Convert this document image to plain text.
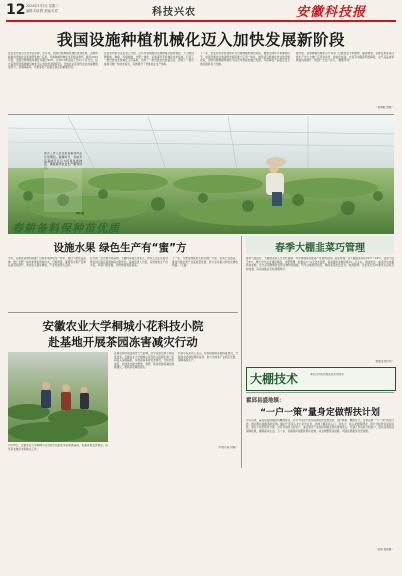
12 2024年3月5日 星期二
编辑:刘卉辉 美编:孔将	科技兴农	安徽科技报
我国设施种植机械化迈入加快发展新阶段
农业农村部近日发布消息称，近年来，我国设施种植机械化快速发展，各地积极推进设施农业装备研发推广应用，设施种植机械化水平稳步提升。截至2023年底，全国设施种植机械化率超过45%，比2018年提高了约12个百分点，标志着我国设施种植机械化迈入加快发展新阶段。设施农业是现代农业的重要组成部分，是保障蔬菜、水果等农产品稳定供应的重要手段。
农业农村部有关负责人介绍，近年来各地围绕设施种植全程机械化，大力推进耕整地、种植、环境调控、水肥一体化、采收等环节机械化技术集成，打造了一批设施农业机械化示范基地，培育了一批设施农机装备企业，形成了一批可复制可推广的技术模式，有效提升了设施农业生产效率。
下一步，农业农村部将加快补齐设施种植机械化短板，聚焦关键环节和薄弱环节，加强设施农业装备研发制造推广应用一体化，推动适宜机械化作业的设施改造，加快设施种植机械化与信息化智能化融合发展，为保障农产品稳定安全供给提供有力支撑。
据介绍，设施种植机械化有力带动了设施农业节本增效、提质增收，各地在果菜茶设施生产中大力推广应用自动化、智能化装备，农民劳动强度明显降低，农产品品质和效益持续提升，得到广大农户认可。（据新华社）
（刘国艳 整理）
图为工作人员在检查番茄幼苗长势情况。春耕时节，各地育苗基地开足马力培育优质种苗，确保春季农业生产顺利进行。
刘林 摄
春耕备料保种苗优质
设施水果 绿色生产有“蜜”方
今年，安徽省某地积极推广设施水果绿色生产技术，通过引进优良品种、推广水肥一体化和绿色防控技术，设施草莓、葡萄等水果产量和品质双双提升，果农收入稳步增加，产业发展势头良好。
在当地一处设施水果基地，大棚内草莓长势喜人，技术人员正在指导果农进行疏花疏果和病虫害防治。基地负责人介绍，采用绿色生产技术后，草莓口感更甜，亩均效益明显提高。
下一步，当地将继续加大技术推广力度，完善产业链条，推动设施水果产业高质量发展，助力乡村振兴和农民增收致富。（王磊）
安徽农业大学桐城小花科技小院
赴基地开展茶园冻害减灾行动
2月26日，安徽农业大学桐城小花科技小院师生来到茶园基地，查看茶树受冻情况，指导茶农做好冻害减灾工作。
近期受持续低温雨雪天气影响，部分茶园出现不同程度冻害。安徽农业大学桐城小花科技小院师生第一时间深入茶园基地，实地查看茶树受冻情况，分析冻害成因，并向茶农提出修剪、施肥、病虫防控等减灾措施建议，帮助茶农降低损失。
科技小院负责人表示，将持续跟踪茶园恢复情况，开展技术培训和现场指导，助力当地茶产业稳定发展，保障春茶生产。
（科技小院 供稿）
春季大棚韭菜巧管理
春季气温回升，大棚韭菜进入生长旺盛期，科学管理是实现高产优质的关键。温度管理：白天棚温保持在20℃～24℃，夜间不低于8℃，晴天中午注意通风降温。水肥管理：收割后3～4天浇水追肥，每亩随水冲施尿素10公斤左右。病虫防治：重点防治灰霉病和韭蛆，优先采用物理防治和生物防治措施，科学合理使用农药，确保韭菜质量安全。收割管理：当韭菜长至25厘米左右时及时收割，每次收割后及时清理残叶。
（据农业农村部）
大棚技术	本栏目介绍设施农业实用技术
霍邱县盛地镇：
“一户一策”量身定做帮扶计划
今年以来，霍邱县盛地镇坚持精准帮扶，针对不同农户的实际情况和发展需求，因户施策、精准发力，量身定制“一户一策”帮扶计划，推动帮扶措施落地见效。镇村干部深入农户家中走访，详细了解家庭人口、劳动力、收入来源等情况，逐户分析致贫返贫风险，制定个性化帮扶方案。对有劳动能力的农户，重点通过产业扶持和就业帮扶增加收入；对缺乏劳动能力的农户，落实各项兜底保障政策，确保基本生活。下一步，该镇将持续跟踪帮扶成效，动态调整帮扶措施，巩固拓展脱贫攻坚成果。
（张艳 盛地镇）
